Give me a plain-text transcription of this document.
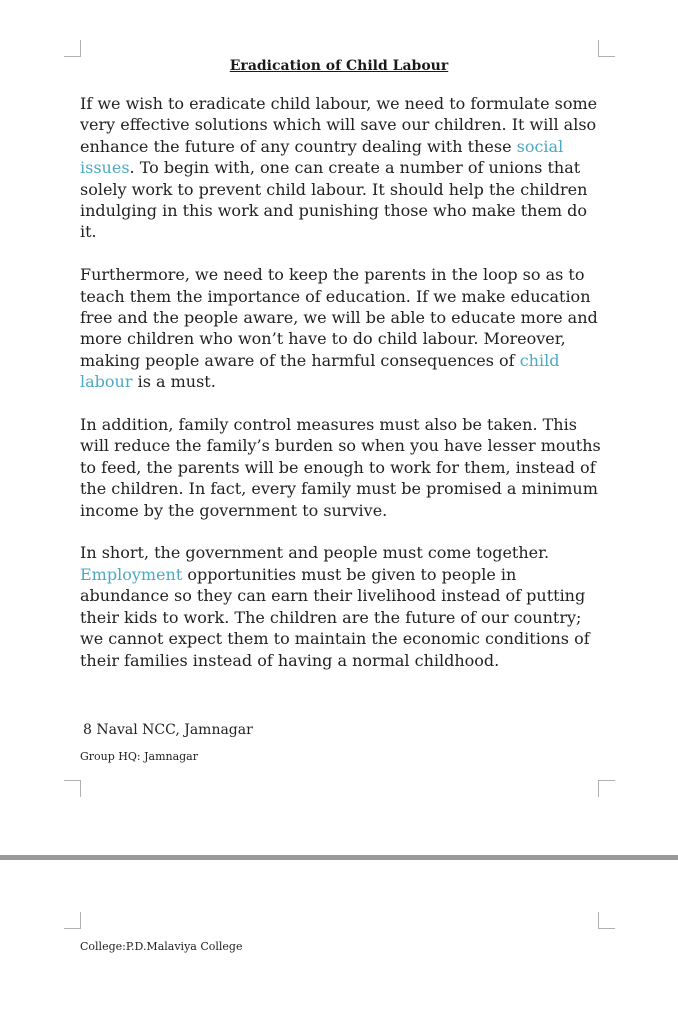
Eradication of Child Labour

If we wish to eradicate child labour, we need to formulate some very effective solutions which will save our children. It will also enhance the future of any country dealing with these social issues. To begin with, one can create a number of unions that solely work to prevent child labour. It should help the children indulging in this work and punishing those who make them do it.

Furthermore, we need to keep the parents in the loop so as to teach them the importance of education. If we make education free and the people aware, we will be able to educate more and more children who won’t have to do child labour. Moreover, making people aware of the harmful consequences of child labour is a must.

In addition, family control measures must also be taken. This will reduce the family’s burden so when you have lesser mouths to feed, the parents will be enough to work for them, instead of the children. In fact, every family must be promised a minimum income by the government to survive.

In short, the government and people must come together. Employment opportunities must be given to people in abundance so they can earn their livelihood instead of putting their kids to work. The children are the future of our country; we cannot expect them to maintain the economic conditions of their families instead of having a normal childhood.

8 Naval NCC, Jamnagar
Group HQ: Jamnagar
College:P.D.Malaviya College
